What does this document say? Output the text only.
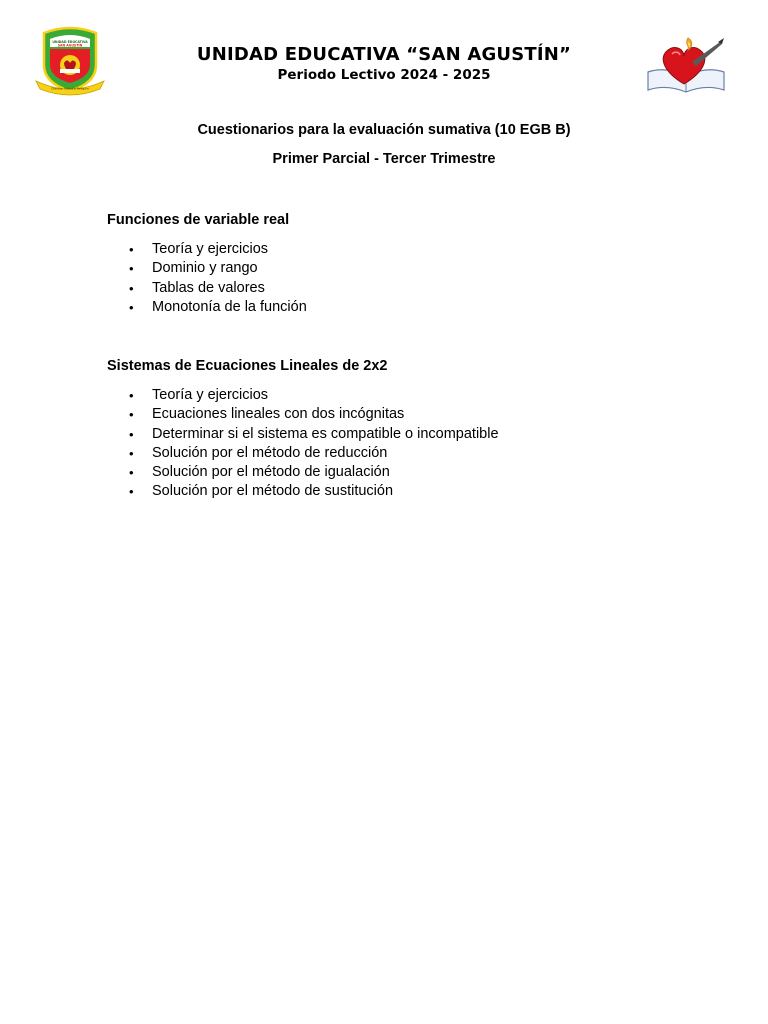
UNIDAD EDUCATIVA
SAN AGUSTÍN
Ciencia, Virtud y Religión
UNIDAD EDUCATIVA “SAN AGUSTÍN”
Periodo Lectivo 2024 - 2025
Cuestionarios para la evaluación sumativa (10 EGB B)
Primer Parcial - Tercer Trimestre
Funciones de variable real
• Teoría y ejercicios
• Dominio y rango
• Tablas de valores
• Monotonía de la función
Sistemas de Ecuaciones Lineales de 2x2
• Teoría y ejercicios
• Ecuaciones lineales con dos incógnitas
• Determinar si el sistema es compatible o incompatible
• Solución por el método de reducción
• Solución por el método de igualación
• Solución por el método de sustitución
